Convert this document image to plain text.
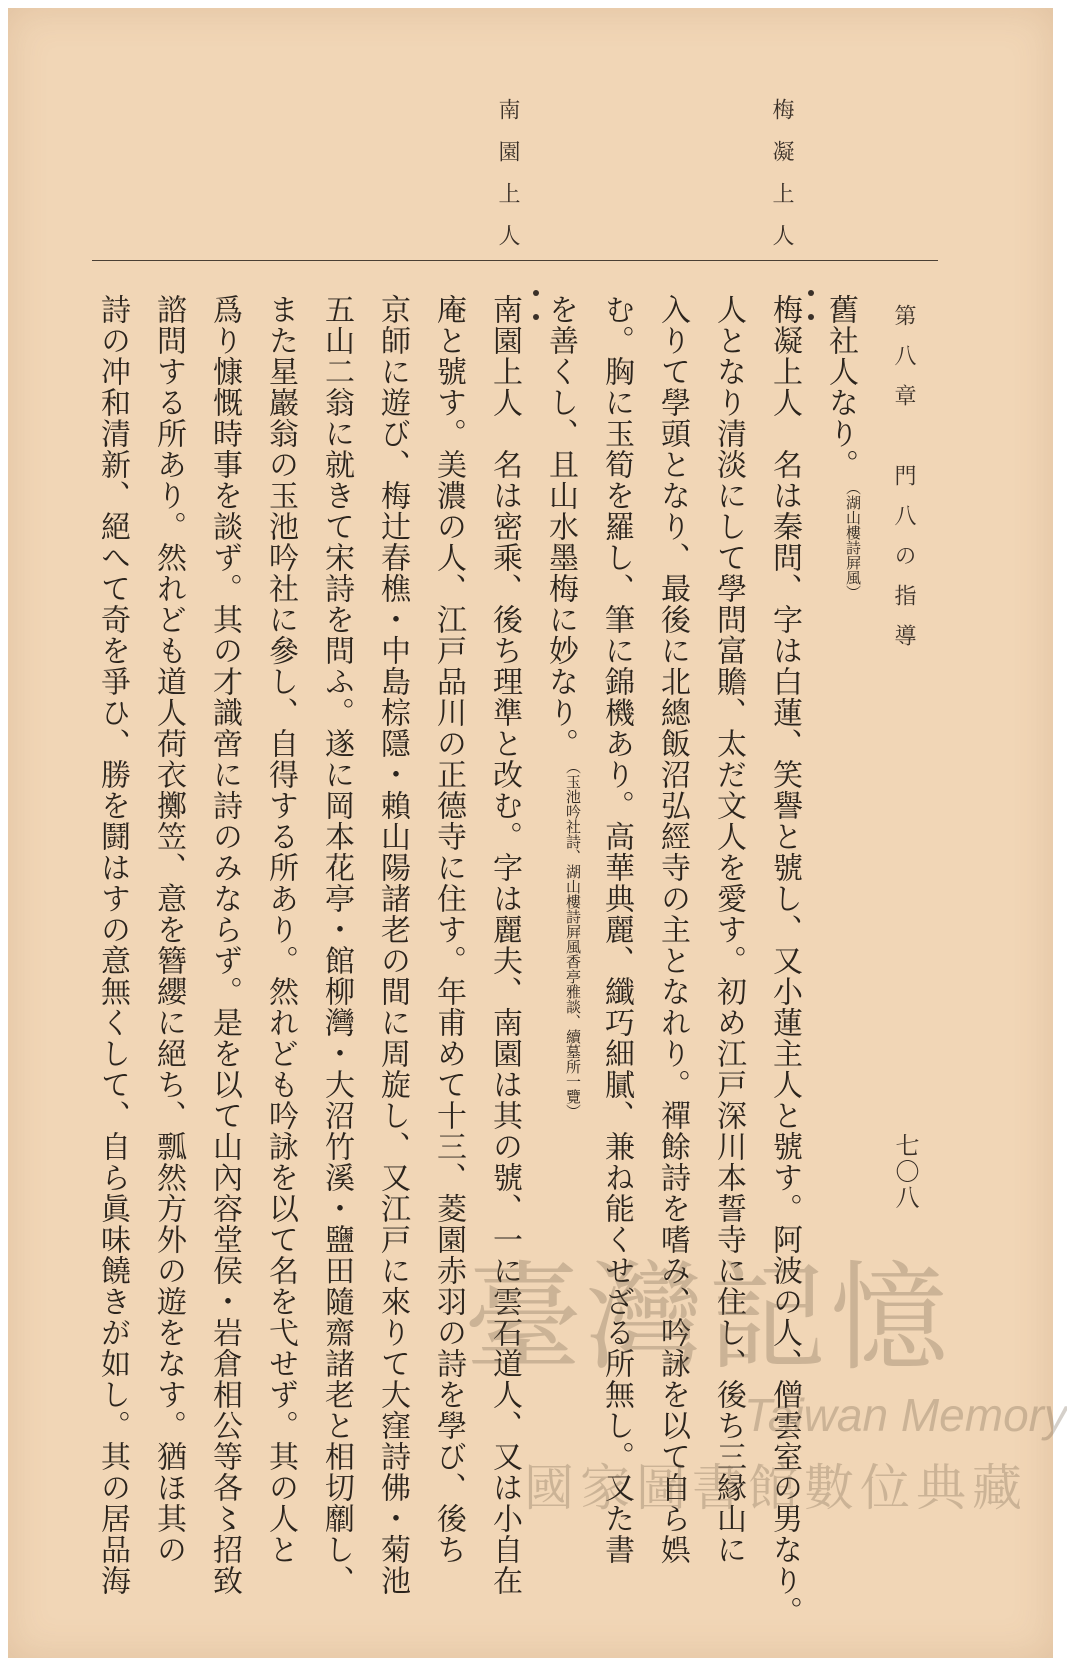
第八章　門八の指導
七〇八
梅凝上人
南園上人
舊社人なり。（湖山樓詩屛風）
梅凝上人　名は秦問、字は白蓮、笑譽と號し、又小蓮主人と號す。阿波の人、僧雲室の男なり。
人となり清淡にして學問富贍、太だ文人を愛す。初め江戸深川本誓寺に住し、後ち三縁山に
入りて學頭となり、最後に北總飯沼弘經寺の主となれり。禪餘詩を嗜み、吟詠を以て自ら娯
む。胸に玉筍を羅し、筆に錦機あり。高華典麗、纖巧細膩、兼ね能くせざる所無し。又た書
を善くし、且山水墨梅に妙なり。（玉池吟社詩、湖山樓詩屛風香亭雅談、續墓所一覽）
南園上人　名は密乘、後ち理準と改む。字は麗夫、南園は其の號、一に雲石道人、又は小自在
庵と號す。美濃の人、江戸品川の正德寺に住す。年甫めて十三、菱園赤羽の詩を學び、後ち
京師に遊び、梅辻春樵・中島棕隱・賴山陽諸老の間に周旋し、又江戸に來りて大窪詩佛・菊池
五山二翁に就きて宋詩を問ふ。遂に岡本花亭・館柳灣・大沼竹溪・鹽田隨齋諸老と相切劘し、
また星巖翁の玉池吟社に參し、自得する所あり。然れども吟詠を以て名を弋せず。其の人と
爲り慷慨時事を談ず。其の才識啻に詩のみならず。是を以て山內容堂侯・岩倉相公等各〻招致
諮問する所あり。然れども道人荷衣擲笠、意を簪纓に絕ち、瓢然方外の遊をなす。猶ほ其の
詩の冲和清新、絕へて奇を爭ひ、勝を鬪はすの意無くして、自ら眞味饒きが如し。其の居品海	臺灣記憶
Taiwan Memory
國家圖書館數位典藏
